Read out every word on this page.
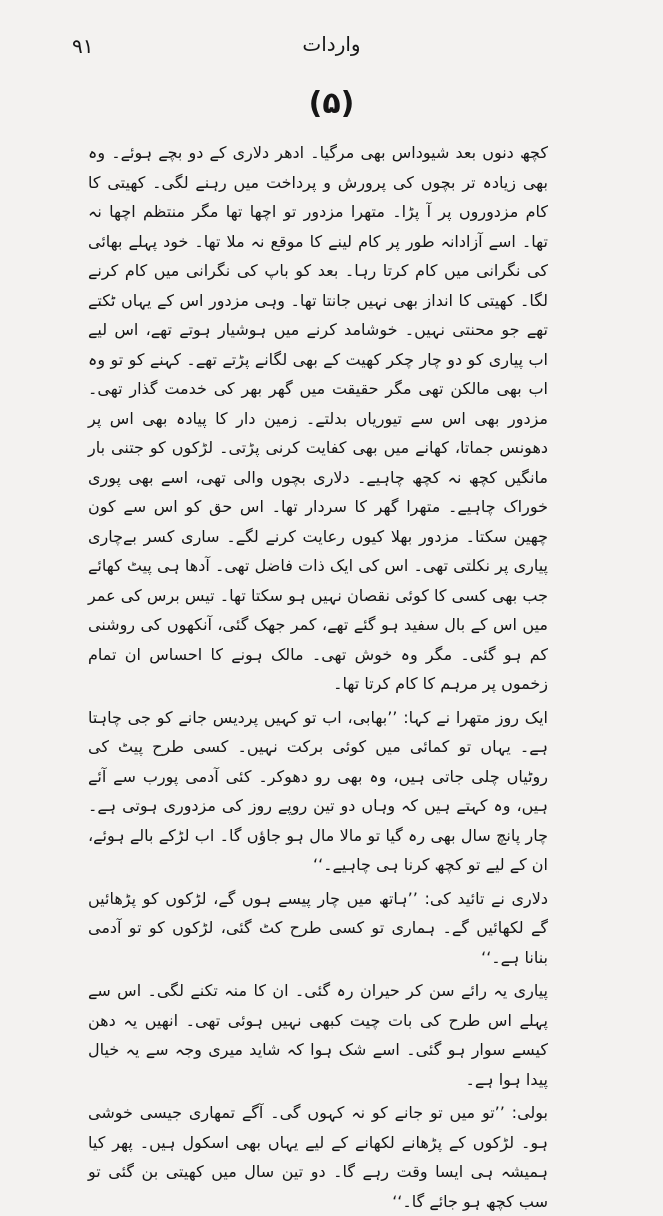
۹۱	واردات
(۵)

کچھ دنوں بعد شیوداس بھی مرگیا۔ ادھر دلاری کے دو بچے ہوئے۔ وہ بھی زیادہ تر بچوں کی پرورش و پرداخت میں رہنے لگی۔ کھیتی کا کام مزدوروں پر آ پڑا۔ متھرا مزدور تو اچھا تھا مگر منتظم اچھا نہ تھا۔ اسے آزادانہ طور پر کام لینے کا موقع نہ ملا تھا۔ خود پہلے بھائی کی نگرانی میں کام کرتا رہا۔ بعد کو باپ کی نگرانی میں کام کرنے لگا۔ کھیتی کا انداز بھی نہیں جانتا تھا۔ وہی مزدور اس کے یہاں ٹکتے تھے جو محنتی نہیں۔ خوشامد کرنے میں ہوشیار ہوتے تھے، اس لیے اب پیاری کو دو چار چکر کھیت کے بھی لگانے پڑتے تھے۔ کہنے کو تو وہ اب بھی مالکن تھی مگر حقیقت میں گھر بھر کی خدمت گذار تھی۔ مزدور بھی اس سے تیوریاں بدلتے۔ زمین دار کا پیادہ بھی اس پر دھونس جماتا، کھانے میں بھی کفایت کرنی پڑتی۔ لڑکوں کو جتنی بار مانگیں کچھ نہ کچھ چاہیے۔ دلاری بچوں والی تھی، اسے بھی پوری خوراک چاہیے۔ متھرا گھر کا سردار تھا۔ اس حق کو اس سے کون چھین سکتا۔ مزدور بھلا کیوں رعایت کرنے لگے۔ ساری کسر بےچاری پیاری پر نکلتی تھی۔ اس کی ایک ذات فاضل تھی۔ آدھا ہی پیٹ کھائے جب بھی کسی کا کوئی نقصان نہیں ہو سکتا تھا۔ تیس برس کی عمر میں اس کے بال سفید ہو گئے تھے، کمر جھک گئی، آنکھوں کی روشنی کم ہو گئی۔ مگر وہ خوش تھی۔ مالک ہونے کا احساس ان تمام زخموں پر مرہم کا کام کرتا تھا۔

ایک روز متھرا نے کہا: ’’بھابی، اب تو کہیں پردیس جانے کو جی چاہتا ہے۔ یہاں تو کمائی میں کوئی برکت نہیں۔ کسی طرح پیٹ کی روٹیاں چلی جاتی ہیں، وہ بھی رو دھوکر۔ کئی آدمی پورب سے آئے ہیں، وہ کہتے ہیں کہ وہاں دو تین روپے روز کی مزدوری ہوتی ہے۔ چار پانچ سال بھی رہ گیا تو مالا مال ہو جاؤں گا۔ اب لڑکے بالے ہوئے، ان کے لیے تو کچھ کرنا ہی چاہیے۔‘‘

دلاری نے تائید کی: ’’ہاتھ میں چار پیسے ہوں گے، لڑکوں کو پڑھائیں گے لکھائیں گے۔ ہماری تو کسی طرح کٹ گئی، لڑکوں کو تو آدمی بنانا ہے۔‘‘

پیاری یہ رائے سن کر حیران رہ گئی۔ ان کا منہ تکنے لگی۔ اس سے پہلے اس طرح کی بات چیت کبھی نہیں ہوئی تھی۔ انھیں یہ دھن کیسے سوار ہو گئی۔ اسے شک ہوا کہ شاید میری وجہ سے یہ خیال پیدا ہوا ہے۔

بولی: ’’تو میں تو جانے کو نہ کہوں گی۔ آگے تمھاری جیسی خوشی ہو۔ لڑکوں کے پڑھانے لکھانے کے لیے یہاں بھی اسکول ہیں۔ پھر کیا ہمیشہ ہی ایسا وقت رہے گا۔ دو تین سال میں کھیتی بن گئی تو سب کچھ ہو جائے گا۔‘‘
